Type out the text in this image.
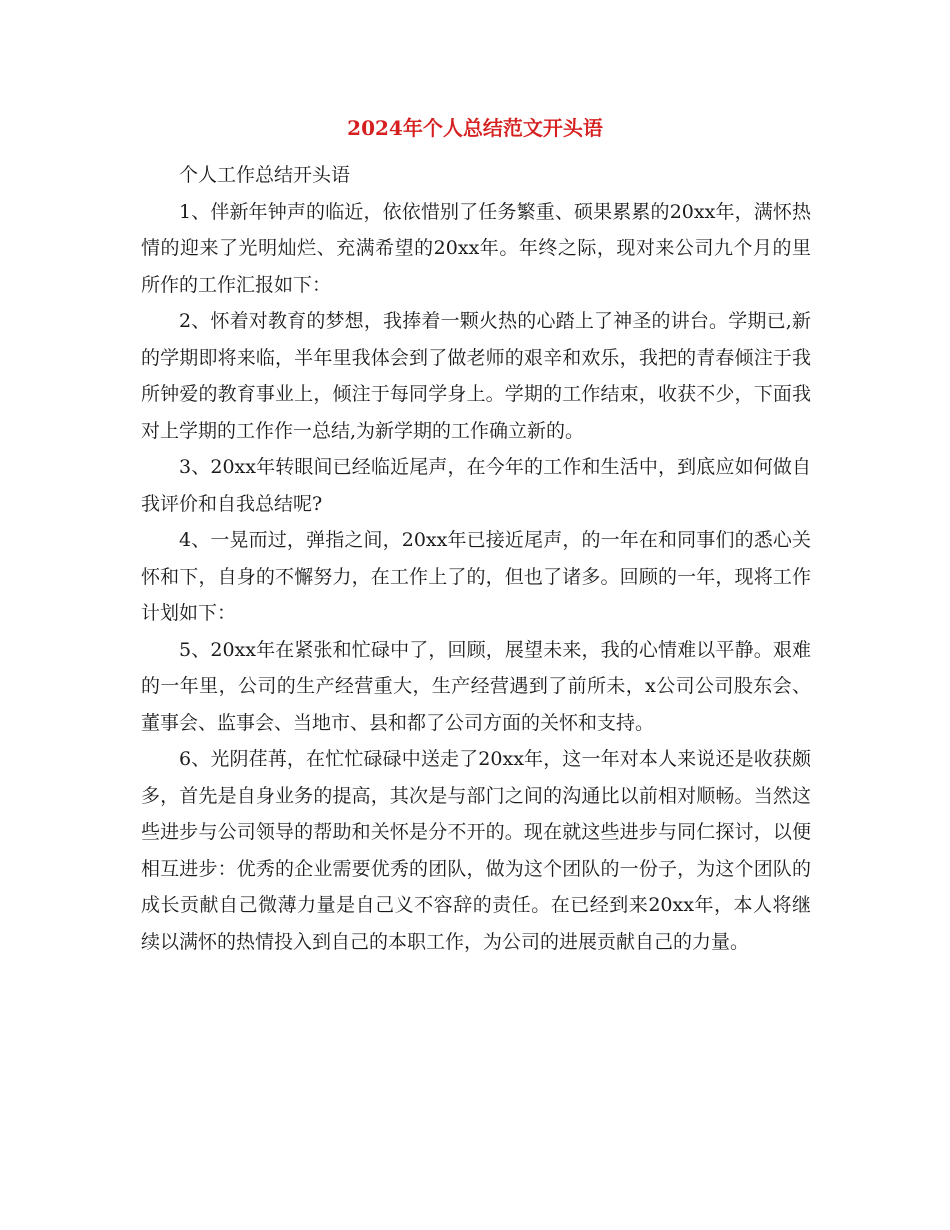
2024年个人总结范文开头语

个人工作总结开头语

1、伴新年钟声的临近，依依惜别了任务繁重、硕果累累的20xx年，满怀热情的迎来了光明灿烂、充满希望的20xx年。年终之际，现对来公司九个月的里所作的工作汇报如下：

2、怀着对教育的梦想，我捧着一颗火热的心踏上了神圣的讲台。学期已,新的学期即将来临，半年里我体会到了做老师的艰辛和欢乐，我把的青春倾注于我所钟爱的教育事业上，倾注于每同学身上。学期的工作结束，收获不少，下面我对上学期的工作作一总结,为新学期的工作确立新的。

3、20xx年转眼间已经临近尾声，在今年的工作和生活中，到底应如何做自我评价和自我总结呢?

4、一晃而过，弹指之间，20xx年已接近尾声，的一年在和同事们的悉心关怀和下，自身的不懈努力，在工作上了的，但也了诸多。回顾的一年，现将工作计划如下：

5、20xx年在紧张和忙碌中了，回顾，展望未来，我的心情难以平静。艰难的一年里，公司的生产经营重大，生产经营遇到了前所未，x公司公司股东会、董事会、监事会、当地市、县和都了公司方面的关怀和支持。

6、光阴荏苒，在忙忙碌碌中送走了20xx年，这一年对本人来说还是收获颇多，首先是自身业务的提高，其次是与部门之间的沟通比以前相对顺畅。当然这些进步与公司领导的帮助和关怀是分不开的。现在就这些进步与同仁探讨，以便相互进步：优秀的企业需要优秀的团队，做为这个团队的一份子，为这个团队的成长贡献自己微薄力量是自己义不容辞的责任。在已经到来20xx年，本人将继续以满怀的热情投入到自己的本职工作，为公司的进展贡献自己的力量。
